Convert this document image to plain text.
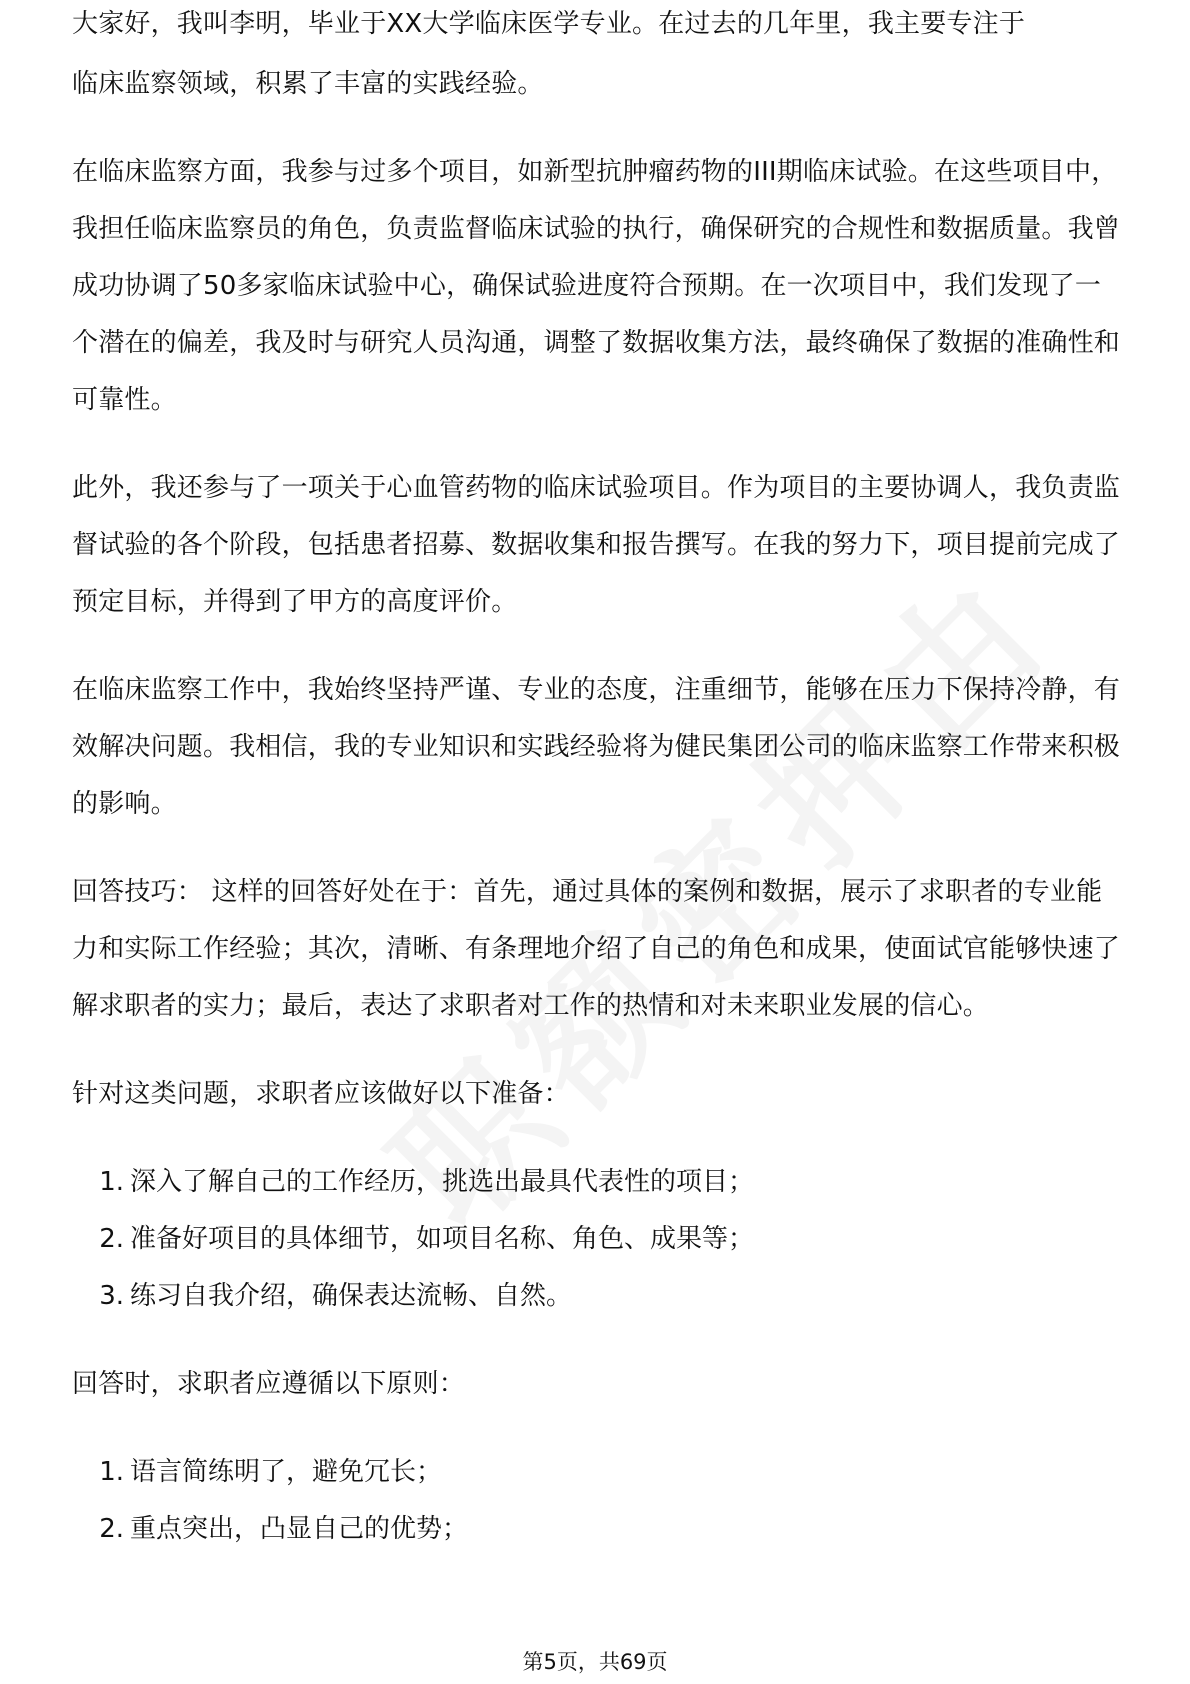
大家好，我叫李明，毕业于XX大学临床医学专业。在过去的几年里，我主要专注于

临床监察领域，积累了丰富的实践经验。

在临床监察方面，我参与过多个项目，如新型抗肿瘤药物的III期临床试验。在这些项目中，我担任临床监察员的角色，负责监督临床试验的执行，确保研究的合规性和数据质量。我曾成功协调了50多家临床试验中心，确保试验进度符合预期。在一次项目中，我们发现了一个潜在的偏差，我及时与研究人员沟通，调整了数据收集方法，最终确保了数据的准确性和可靠性。

此外，我还参与了一项关于心血管药物的临床试验项目。作为项目的主要协调人，我负责监督试验的各个阶段，包括患者招募、数据收集和报告撰写。在我的努力下，项目提前完成了预定目标，并得到了甲方的高度评价。

在临床监察工作中，我始终坚持严谨、专业的态度，注重细节，能够在压力下保持冷静，有效解决问题。我相信，我的专业知识和实践经验将为健民集团公司的临床监察工作带来积极的影响。

回答技巧： 这样的回答好处在于：首先，通过具体的案例和数据，展示了求职者的专业能力和实际工作经验；其次，清晰、有条理地介绍了自己的角色和成果，使面试官能够快速了解求职者的实力；最后，表达了求职者对工作的热情和对未来职业发展的信心。

针对这类问题，求职者应该做好以下准备：

1. 深入了解自己的工作经历，挑选出最具代表性的项目；
2. 准备好项目的具体细节，如项目名称、角色、成果等；
3. 练习自我介绍，确保表达流畅、自然。

回答时，求职者应遵循以下原则：

1. 语言简练明了，避免冗长；
2. 重点突出，凸显自己的优势；
第5页，共69页
